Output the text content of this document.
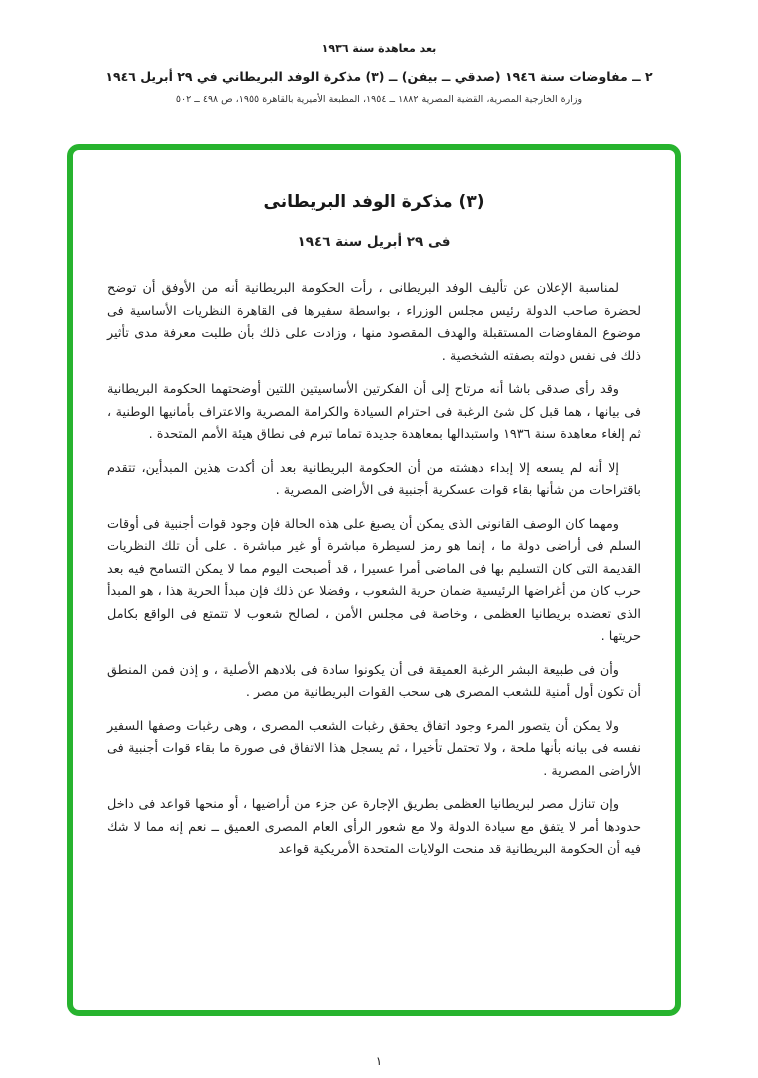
بعد معاهدة سنة ١٩٣٦
٢ ــ مفاوضات سنة ١٩٤٦ (صدقي ــ بيفن) ــ (٣) مذكرة الوفد البريطاني في ٢٩ أبريل ١٩٤٦
وزارة الخارجية المصرية، القضية المصرية ١٨٨٢ ــ ١٩٥٤، المطبعة الأميرية بالقاهرة ١٩٥٥، ص ٤٩٨ ــ ٥٠٢
(٣) مذكرة الوفد البريطانى
فى ٢٩ أبريل سنة ١٩٤٦

لمناسبة الإعلان عن تأليف الوفد البريطانى ، رأت الحكومة البريطانية أنه من الأوفق أن توضح لحضرة صاحب الدولة رئيس مجلس الوزراء ، بواسطة سفيرها فى القاهرة النظريات الأساسية فى موضوع المفاوضات المستقبلة والهدف المقصود منها ، وزادت على ذلك بأن طلبت معرفة مدى تأثير ذلك فى نفس دولته بصفته الشخصية .

وقد رأى صدقى باشا أنه مرتاح إلى أن الفكرتين الأساسيتين اللتين أوضحتهما الحكومة البريطانية فى بيانها ، هما قبل كل شئ الرغبة فى احترام السيادة والكرامة المصرية والاعتراف بأمانيها الوطنية ، ثم إلغاء معاهدة سنة ١٩٣٦ واستبدالها بمعاهدة جديدة تماما تبرم فى نطاق هيئة الأمم المتحدة .

إلا أنه لم يسعه إلا إبداء دهشته من أن الحكومة البريطانية بعد أن أكدت هذين المبدأين، تتقدم باقتراحات من شأنها بقاء قوات عسكرية أجنبية فى الأراضى المصرية .

ومهما كان الوصف القانونى الذى يمكن أن يصبغ على هذه الحالة فإن وجود قوات أجنبية فى أوقات السلم فى أراضى دولة ما ، إنما هو رمز لسيطرة مباشرة أو غير مباشرة . على أن تلك النظريات القديمة التى كان التسليم بها فى الماضى أمرا عسيرا ، قد أصبحت اليوم مما لا يمكن التسامح فيه بعد حرب كان من أغراضها الرئيسية ضمان حرية الشعوب ، وفضلا عن ذلك فإن مبدأ الحرية هذا ، هو المبدأ الذى تعضده بريطانيا العظمى ، وخاصة فى مجلس الأمن ، لصالح شعوب لا تتمتع فى الواقع بكامل حريتها .

وأن فى طبيعة البشر الرغبة العميقة فى أن يكونوا سادة فى بلادهم الأصلية ، و إذن فمن المنطق أن تكون أول أمنية للشعب المصرى هى سحب القوات البريطانية من مصر .

ولا يمكن أن يتصور المرء وجود اتفاق يحقق رغبات الشعب المصرى ، وهى رغبات وصفها السفير نفسه فى بيانه بأنها ملحة ، ولا تحتمل تأخيرا ، ثم يسجل هذا الاتفاق فى صورة ما بقاء قوات أجنبية فى الأراضى المصرية .

وإن تنازل مصر لبريطانيا العظمى بطريق الإجارة عن جزء من أراضيها ، أو منحها قواعد فى داخل حدودها أمر لا يتفق مع سيادة الدولة ولا مع شعور الرأى العام المصرى العميق ــ نعم إنه مما لا شك فيه أن الحكومة البريطانية قد منحت الولايات المتحدة الأمريكية قواعد

١
